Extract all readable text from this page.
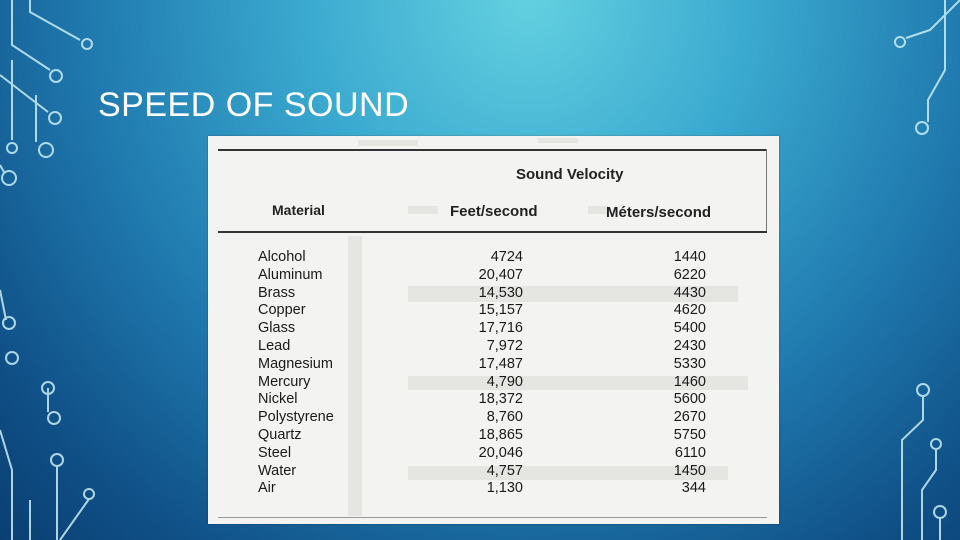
SPEED OF SOUND
Sound Velocity
Material	Feet/second	Méters/second
Alcohol	4724	1440
Aluminum	20,407	6220
Brass	14,530	4430
Copper	15,157	4620
Glass	17,716	5400
Lead	7,972	2430
Magnesium	17,487	5330
Mercury	4,790	1460
Nickel	18,372	5600
Polystyrene	8,760	2670
Quartz	18,865	5750
Steel	20,046	6110
Water	4,757	1450
Air	1,130	344
